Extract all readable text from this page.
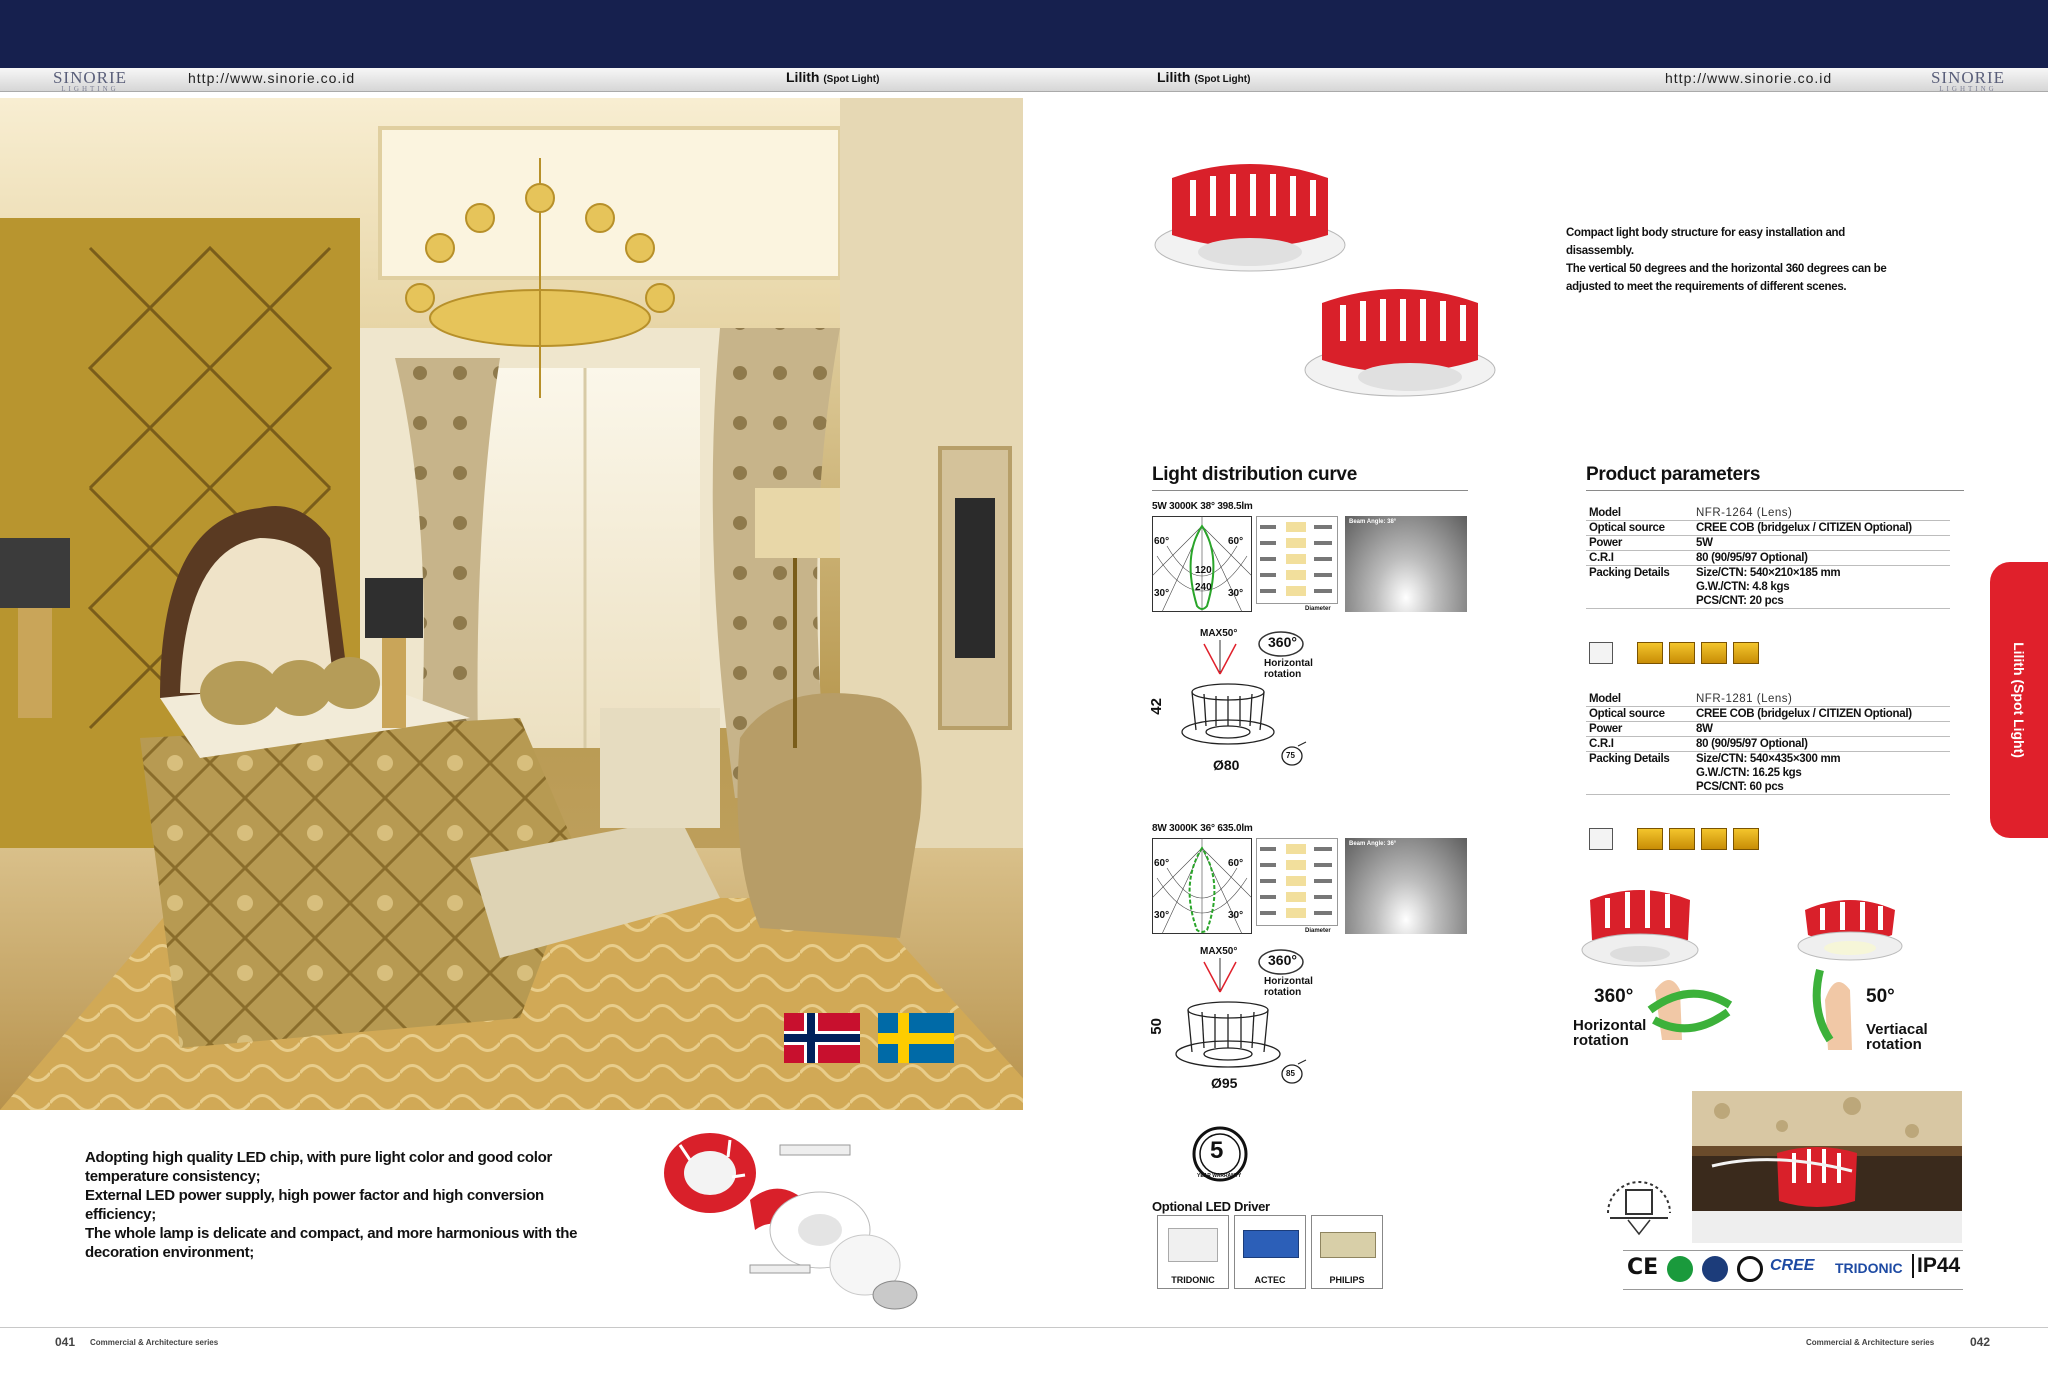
SINORIE
LIGHTING
http://www.sinorie.co.id	Lilith (Spot Light)	Lilith (Spot Light)	http://www.sinorie.co.id	SINORIE
LIGHTING

Adopting high quality LED chip, with pure light color and good color temperature consistency;

External LED power supply, high power factor and high conversion efficiency;

The whole lamp is delicate and compact, and more harmonious with the decoration environment;

Compact light body structure for easy installation and disassembly.
The vertical 50 degrees and the horizontal 360 degrees can be adjusted to meet the requirements of different scenes.
Light distribution curve
5W 3000K 38° 398.5lm
60°	60°
30°	30°
120
240
Diameter
Beam Angle: 38°
MAX50°
360°
Horizontal rotation
42
Ø80
75
8W 3000K 36° 635.0lm
60°	60°
30°	30°
Diameter
Beam Angle: 36°
MAX50°
360°
Horizontal rotation
50
Ø95
85
5
YEAR WARRANTY
Optional LED Driver
TRIDONIC	ACTEC	PHILIPS
Product parameters
Model	NFR-1264 (Lens)
Optical source	CREE COB (bridgelux / CITIZEN Optional)
Power	5W
C.R.I	80 (90/95/97 Optional)
Packing Details	Size/CTN: 540×210×185 mm
G.W./CTN: 4.8 kgs
PCS/CNT: 20 pcs
Model	NFR-1281 (Lens)
Optical source	CREE COB (bridgelux / CITIZEN Optional)
Power	8W
C.R.I	80 (90/95/97 Optional)
Packing Details	Size/CTN: 540×435×300 mm
G.W./CTN: 16.25 kgs
PCS/CNT: 60 pcs
360°
Horizontal rotation
50°
Vertiacal rotation
CE	CREE TRIDONIC IP44
Lilith (Spot Light)
041 Commercial & Architecture series	Commercial & Architecture series	042
